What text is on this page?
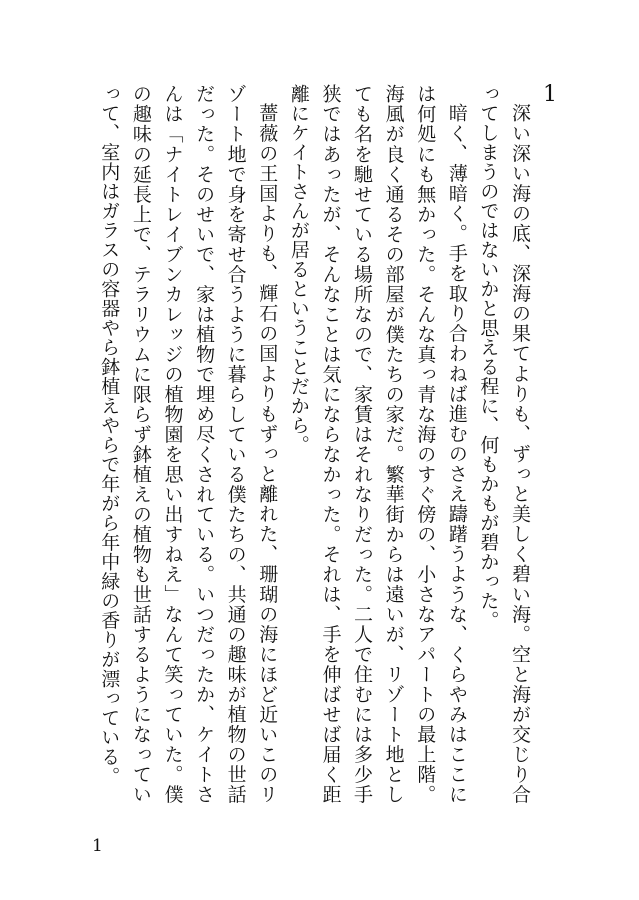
1

深い深い海の底、深海の果てよりも、ずっと美しく碧い海。空と海が交じり合ってしまうのではないかと思える程に、何もかもが碧かった。

暗く、薄暗く。手を取り合わねば進むのさえ躊躇うような、くらやみはここには何処にも無かった。そんな真っ青な海のすぐ傍の、小さなアパートの最上階。海風が良く通るその部屋が僕たちの家だ。繁華街からは遠いが、リゾート地としても名を馳せている場所なので、家賃はそれなりだった。二人で住むには多少手狭ではあったが、そんなことは気にならなかった。それは、手を伸ばせば届く距離にケイトさんが居るということだから。

薔薇の王国よりも、輝石の国よりもずっと離れた、珊瑚の海にほど近いこのリゾート地で身を寄せ合うように暮らしている僕たちの、共通の趣味が植物の世話だった。そのせいで、家は植物で埋め尽くされている。いつだったか、ケイトさんは「ナイトレイブンカレッジの植物園を思い出すねえ」なんて笑っていた。僕の趣味の延長上で、テラリウムに限らず鉢植えの植物も世話するようになっていって、室内はガラスの容器やら鉢植えやらで年がら年中緑の香りが漂っている。

1
